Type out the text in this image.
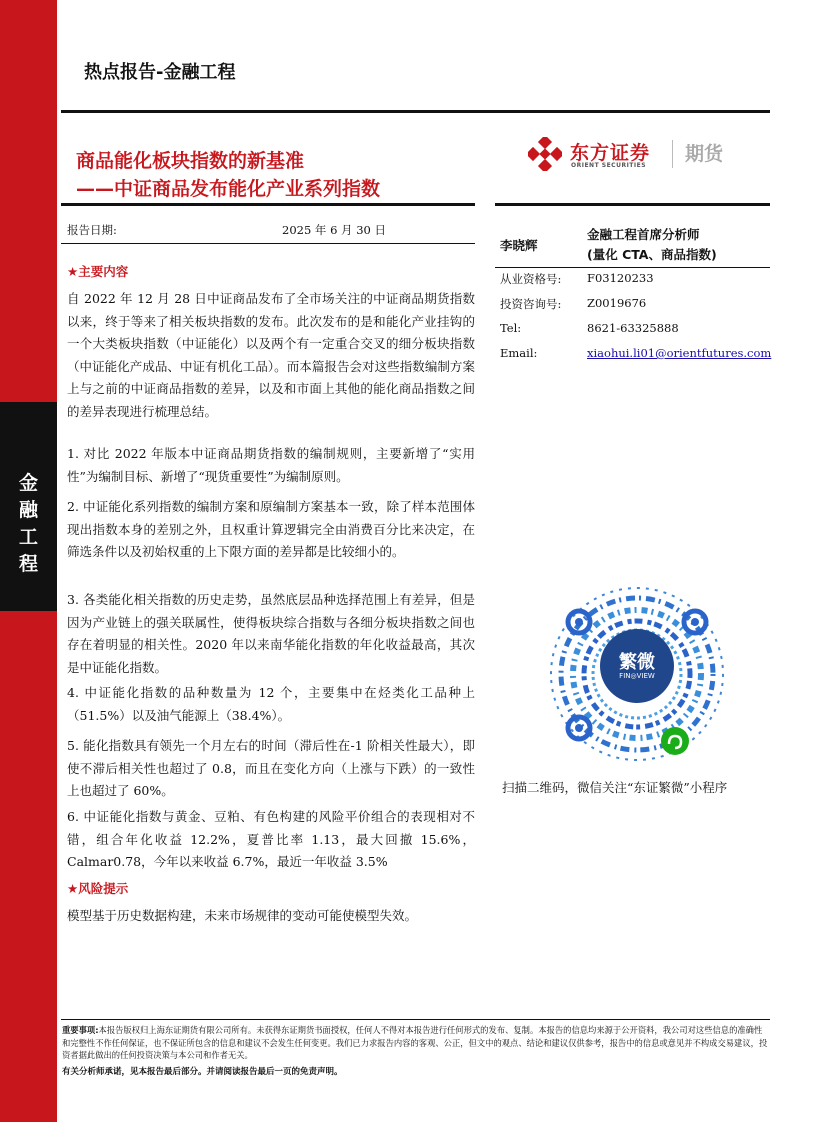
金
融
工
程
热点报告-金融工程
商品能化板块指数的新基准
——中证商品发布能化产业系列指数
东方证券
ORIENT SECURITIES
期货
报告日期:	2025 年 6 月 30 日
★主要内容
自 2022 年 12 月 28 日中证商品发布了全市场关注的中证商品期货指数以来，终于等来了相关板块指数的发布。此次发布的是和能化产业挂钩的一个大类板块指数（中证能化）以及两个有一定重合交叉的细分板块指数（中证能化产成品、中证有机化工品）。而本篇报告会对这些指数编制方案上与之前的中证商品指数的差异，以及和市面上其他的能化商品指数之间的差异表现进行梳理总结。
1. 对比 2022 年版本中证商品期货指数的编制规则，主要新增了“实用性”为编制目标、新增了“现货重要性”为编制原则。
2. 中证能化系列指数的编制方案和原编制方案基本一致，除了样本范围体现出指数本身的差别之外，且权重计算逻辑完全由消费百分比来决定，在筛选条件以及初始权重的上下限方面的差异都是比较细小的。
3. 各类能化相关指数的历史走势，虽然底层品种选择范围上有差异，但是因为产业链上的强关联属性，使得板块综合指数与各细分板块指数之间也存在着明显的相关性。2020 年以来南华能化指数的年化收益最高，其次是中证能化指数。
4. 中证能化指数的品种数量为 12 个，主要集中在烃类化工品种上（51.5%）以及油气能源上（38.4%）。
5. 能化指数具有领先一个月左右的时间（滞后性在-1 阶相关性最大），即使不滞后相关性也超过了 0.8，而且在变化方向（上涨与下跌）的一致性上也超过了 60%。
6. 中证能化指数与黄金、豆粕、有色构建的风险平价组合的表现相对不错，组合年化收益 12.2%，夏普比率 1.13，最大回撤 15.6%，Calmar0.78，今年以来收益 6.7%，最近一年收益 3.5%
★风险提示
模型基于历史数据构建，未来市场规律的变动可能使模型失效。
李晓辉
金融工程首席分析师
(量化 CTA、商品指数)
从业资格号: F03120233
投资咨询号: Z0019676
Tel:	8621-63325888
Email:	xiaohui.li01@orientfutures.com
繁微
FIN◎VIEW
扫描二维码，微信关注“东证繁微”小程序
重要事项:本报告版权归上海东证期货有限公司所有。未获得东证期货书面授权，任何人不得对本报告进行任何形式的发布、复制。本报告的信息均来源于公开资料，我公司对这些信息的准确性和完整性不作任何保证，也不保证所包含的信息和建议不会发生任何变更。我们已力求报告内容的客观、公正，但文中的观点、结论和建议仅供参考，报告中的信息或意见并不构成交易建议，投资者据此做出的任何投资决策与本公司和作者无关。
有关分析师承诺，见本报告最后部分。并请阅读报告最后一页的免责声明。
